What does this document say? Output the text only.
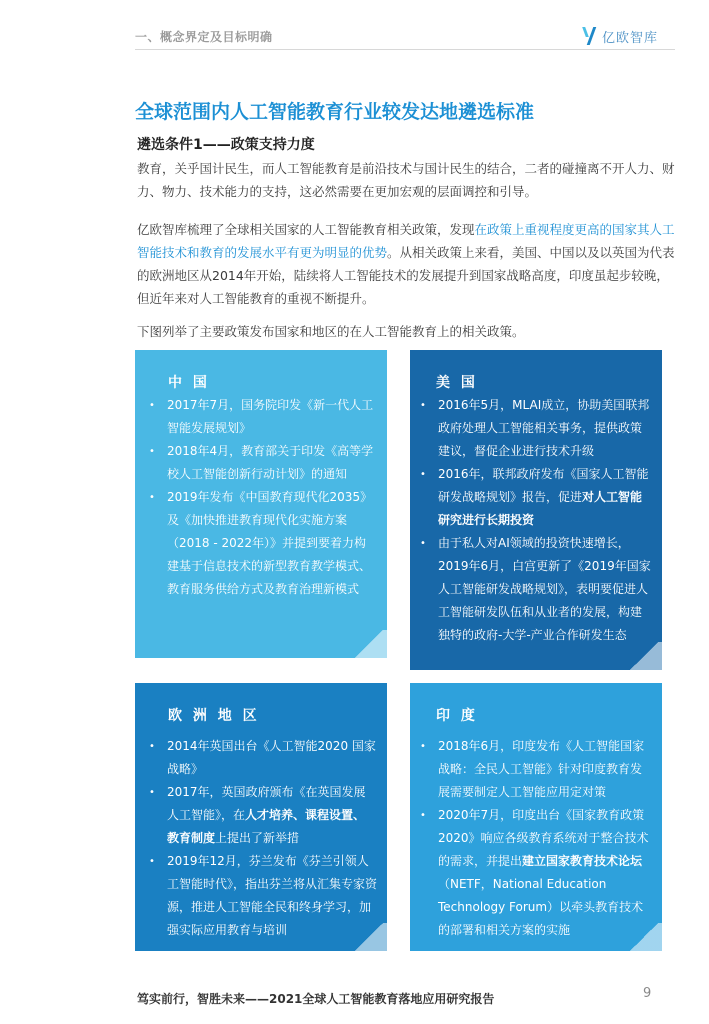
一、概念界定及目标明确	亿欧智库
全球范围内人工智能教育行业较发达地遴选标准
遴选条件1——政策支持力度

教育，关乎国计民生，而人工智能教育是前沿技术与国计民生的结合，二者的碰撞离不开人力、财力、物力、技术能力的支持，这必然需要在更加宏观的层面调控和引导。

亿欧智库梳理了全球相关国家的人工智能教育相关政策，发现在政策上重视程度更高的国家其人工智能技术和教育的发展水平有更为明显的优势。从相关政策上来看，美国、中国以及以英国为代表的欧洲地区从2014年开始，陆续将人工智能技术的发展提升到国家战略高度，印度虽起步较晚，但近年来对人工智能教育的重视不断提升。

下图列举了主要政策发布国家和地区的在人工智能教育上的相关政策。

中 国
• 2017年7月，国务院印发《新一代人工智能发展规划》
• 2018年4月，教育部关于印发《高等学校人工智能创新行动计划》的通知
• 2019年发布《中国教育现代化2035》及《加快推进教育现代化实施方案（2018 - 2022年）》并提到要着力构建基于信息技术的新型教育教学模式、教育服务供给方式及教育治理新模式
美 国
• 2016年5月，MLAI成立，协助美国联邦政府处理人工智能相关事务，提供政策建议，督促企业进行技术升级
• 2016年，联邦政府发布《国家人工智能研发战略规划》报告，促进对人工智能研究进行长期投资
• 由于私人对AI领域的投资快速增长，2019年6月，白宫更新了《2019年国家人工智能研发战略规划》，表明要促进人工智能研发队伍和从业者的发展，构建独特的政府-大学-产业合作研发生态
欧 洲 地 区
• 2014年英国出台《人工智能2020 国家战略》
• 2017年，英国政府颁布《在英国发展人工智能》，在人才培养、课程设置、教育制度上提出了新举措
• 2019年12月，芬兰发布《芬兰引领人工智能时代》，指出芬兰将从汇集专家资源，推进人工智能全民和终身学习，加强实际应用教育与培训
印 度
• 2018年6月，印度发布《人工智能国家战略：全民人工智能》针对印度教育发展需要制定人工智能应用定对策
• 2020年7月，印度出台《国家教育政策2020》响应各级教育系统对于整合技术的需求，并提出建立国家教育技术论坛（NETF，National Education Technology Forum）以牵头教育技术的部署和相关方案的实施
笃实前行，智胜未来——2021全球人工智能教育落地应用研究报告	9
